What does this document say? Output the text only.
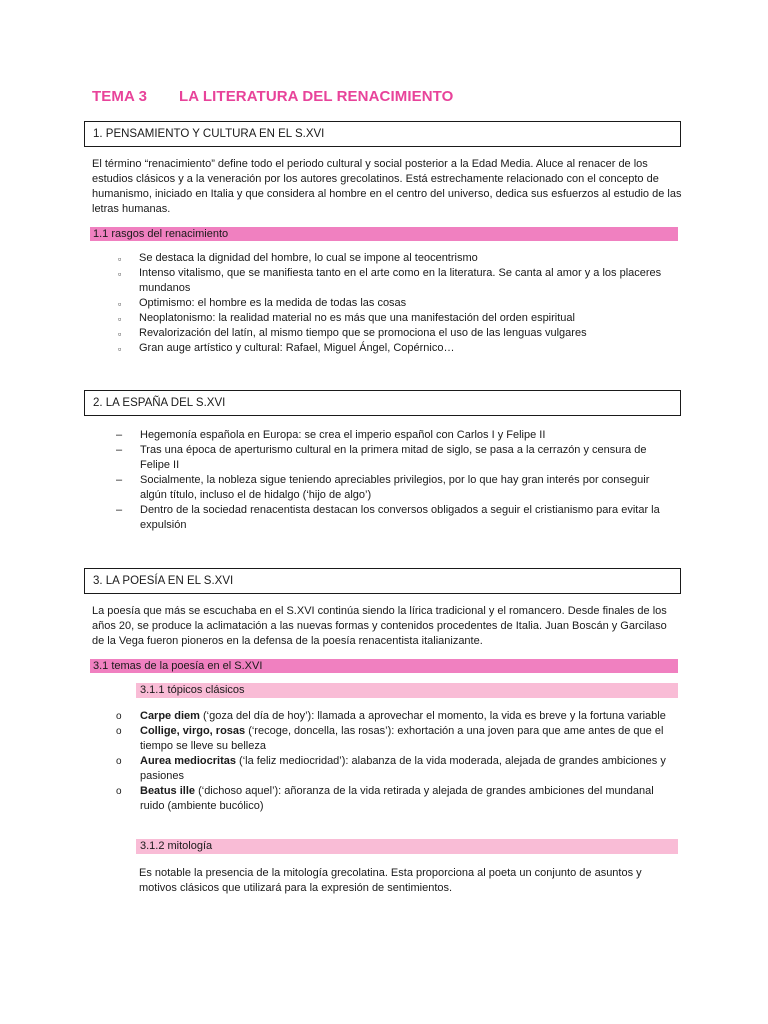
TEMA 3 LA LITERATURA DEL RENACIMIENTO
1. PENSAMIENTO Y CULTURA EN EL S.XVI

El término “renacimiento” define todo el periodo cultural y social posterior a la Edad Media. Aluce al renacer de los estudios clásicos y a la veneración por los autores grecolatinos. Está estrechamente relacionado con el concepto de humanismo, iniciado en Italia y que considera al hombre en el centro del universo, dedica sus esfuerzos al estudio de las letras humanas.

1.1 rasgos del renacimiento
▫ Se destaca la dignidad del hombre, lo cual se impone al teocentrismo
▫ Intenso vitalismo, que se manifiesta tanto en el arte como en la literatura. Se canta al amor y a los placeres mundanos
▫ Optimismo: el hombre es la medida de todas las cosas
▫ Neoplatonismo: la realidad material no es más que una manifestación del orden espiritual
▫ Revalorización del latín, al mismo tiempo que se promociona el uso de las lenguas vulgares
▫ Gran auge artístico y cultural: Rafael, Miguel Ángel, Copérnico…
2. LA ESPAÑA DEL S.XVI
– Hegemonía española en Europa: se crea el imperio español con Carlos I y Felipe II
– Tras una época de aperturismo cultural en la primera mitad de siglo, se pasa a la cerrazón y censura de Felipe II
– Socialmente, la nobleza sigue teniendo apreciables privilegios, por lo que hay gran interés por conseguir algún título, incluso el de hidalgo (‘hijo de algo’)
– Dentro de la sociedad renacentista destacan los conversos obligados a seguir el cristianismo para evitar la expulsión
3. LA POESÍA EN EL S.XVI

La poesía que más se escuchaba en el S.XVI continúa siendo la lírica tradicional y el romancero. Desde finales de los años 20, se produce la aclimatación a las nuevas formas y contenidos procedentes de Italia. Juan Boscán y Garcilaso de la Vega fueron pioneros en la defensa de la poesía renacentista italianizante.

3.1 temas de la poesía en el S.XVI
3.1.1 tópicos clásicos
o Carpe diem (‘goza del día de hoy’): llamada a aprovechar el momento, la vida es breve y la fortuna variable
o Collige, virgo, rosas (‘recoge, doncella, las rosas’): exhortación a una joven para que ame antes de que el tiempo se lleve su belleza
o Aurea mediocritas (‘la feliz mediocridad’): alabanza de la vida moderada, alejada de grandes ambiciones y pasiones
o Beatus ille (‘dichoso aquel’): añoranza de la vida retirada y alejada de grandes ambiciones del mundanal ruido (ambiente bucólico)
3.1.2 mitología

Es notable la presencia de la mitología grecolatina. Esta proporciona al poeta un conjunto de asuntos y motivos clásicos que utilizará para la expresión de sentimientos.
